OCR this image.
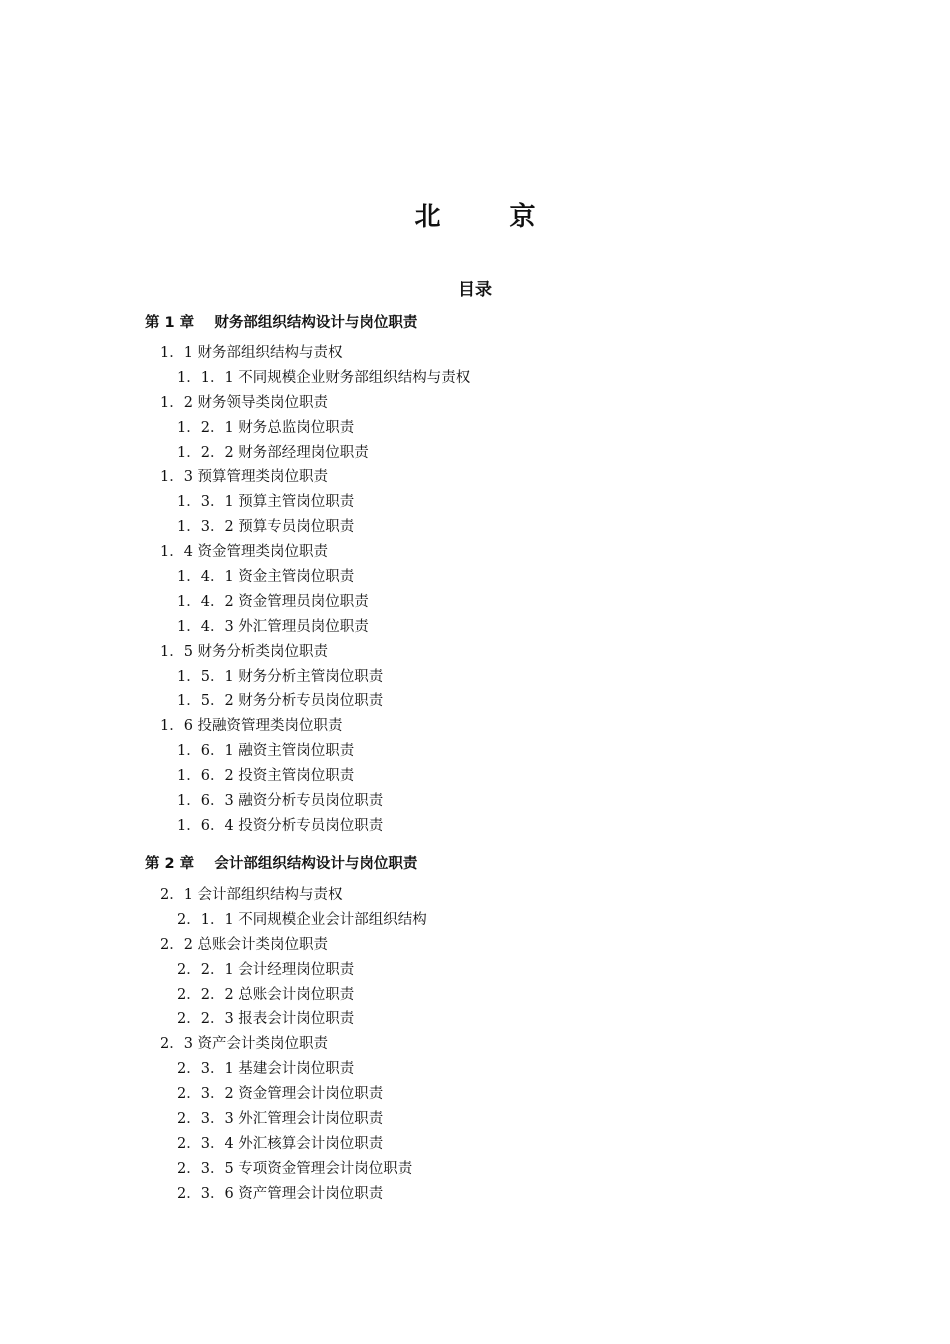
北 京
目录
第 1 章    财务部组织结构设计与岗位职责
1．1 财务部组织结构与责权
1．1．1 不同规模企业财务部组织结构与责权
1．2 财务领导类岗位职责
1．2．1 财务总监岗位职责
1．2．2 财务部经理岗位职责
1．3 预算管理类岗位职责
1．3．1 预算主管岗位职责
1．3．2 预算专员岗位职责
1．4 资金管理类岗位职责
1．4．1 资金主管岗位职责
1．4．2 资金管理员岗位职责
1．4．3 外汇管理员岗位职责
1．5 财务分析类岗位职责
1．5．1 财务分析主管岗位职责
1．5．2 财务分析专员岗位职责
1．6 投融资管理类岗位职责
1．6．1 融资主管岗位职责
1．6．2 投资主管岗位职责
1．6．3 融资分析专员岗位职责
1．6．4 投资分析专员岗位职责
第 2 章    会计部组织结构设计与岗位职责
2．1 会计部组织结构与责权
2．1．1 不同规模企业会计部组织结构
2．2 总账会计类岗位职责
2．2．1 会计经理岗位职责
2．2．2 总账会计岗位职责
2．2．3 报表会计岗位职责
2．3 资产会计类岗位职责
2．3．1 基建会计岗位职责
2．3．2 资金管理会计岗位职责
2．3．3 外汇管理会计岗位职责
2．3．4 外汇核算会计岗位职责
2．3．5 专项资金管理会计岗位职责
2．3．6 资产管理会计岗位职责
